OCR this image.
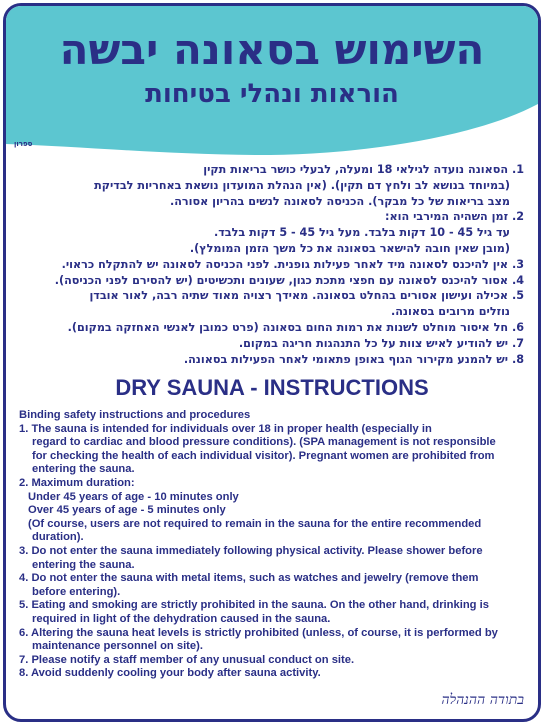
השימוש בסאונה יבשה
הוראות ונהלי בטיחות
ספרון
1. הסאונה נועדה לגילאי 18 ומעלה, לבעלי כושר בריאות תקין
(במיוחד בנושא לב ולחץ דם תקין). (אין הנהלת המועדון נושאת באחריות לבדיקת
מצב בריאות של כל מבקר). הכניסה לסאונה לנשים בהריון אסורה.
2. זמן השהיה המירבי הוא:
עד גיל 45 - 10 דקות בלבד. מעל גיל 45 - 5 דקות בלבד.
(מובן שאין חובה להישאר בסאונה את כל משך הזמן המומלץ).
3. אין להיכנס לסאונה מיד לאחר פעילות גופנית. לפני הכניסה לסאונה יש להתקלח כראוי.
4. אסור להיכנס לסאונה עם חפצי מתכת כגון, שעונים ותכשיטים (יש להסירם לפני הכניסה).
5. אכילה ועישון אסורים בהחלט בסאונה. מאידך רצויה מאוד שתיה רבה, לאור אובדן
נוזלים מרובים בסאונה.
6. חל איסור מוחלט לשנות את רמות החום בסאונה (פרט כמובן לאנשי האחזקה במקום).
7. יש להודיע לאיש צוות על כל התנהגות חריגה במקום.
8. יש להמנע מקירור הגוף באופן פתאומי לאחר הפעילות בסאונה.
DRY SAUNA - INSTRUCTIONS

Binding safety instructions and procedures

1. The sauna is intended for individuals over 18 in proper health (especially in

regard to cardiac and blood pressure conditions). (SPA management is not responsible

for checking the health of each individual visitor). Pregnant women are prohibited from

entering the sauna.

2. Maximum duration:

Under 45 years of age - 10 minutes only

Over 45 years of age - 5 minutes only

(Of course, users are not required to remain in the sauna for the entire recommended

duration).

3. Do not enter the sauna immediately following physical activity. Please shower before

entering the sauna.

4. Do not enter the sauna with metal items, such as watches and jewelry (remove them

before entering).

5. Eating and smoking are strictly prohibited in the sauna. On the other hand, drinking is

required in light of the dehydration caused in the sauna.

6. Altering the sauna heat levels is strictly prohibited (unless, of course, it is performed by

maintenance personnel on site).

7. Please notify a staff member of any unusual conduct on site.

8. Avoid suddenly cooling your body after sauna activity.

בתודה ההנהלה
